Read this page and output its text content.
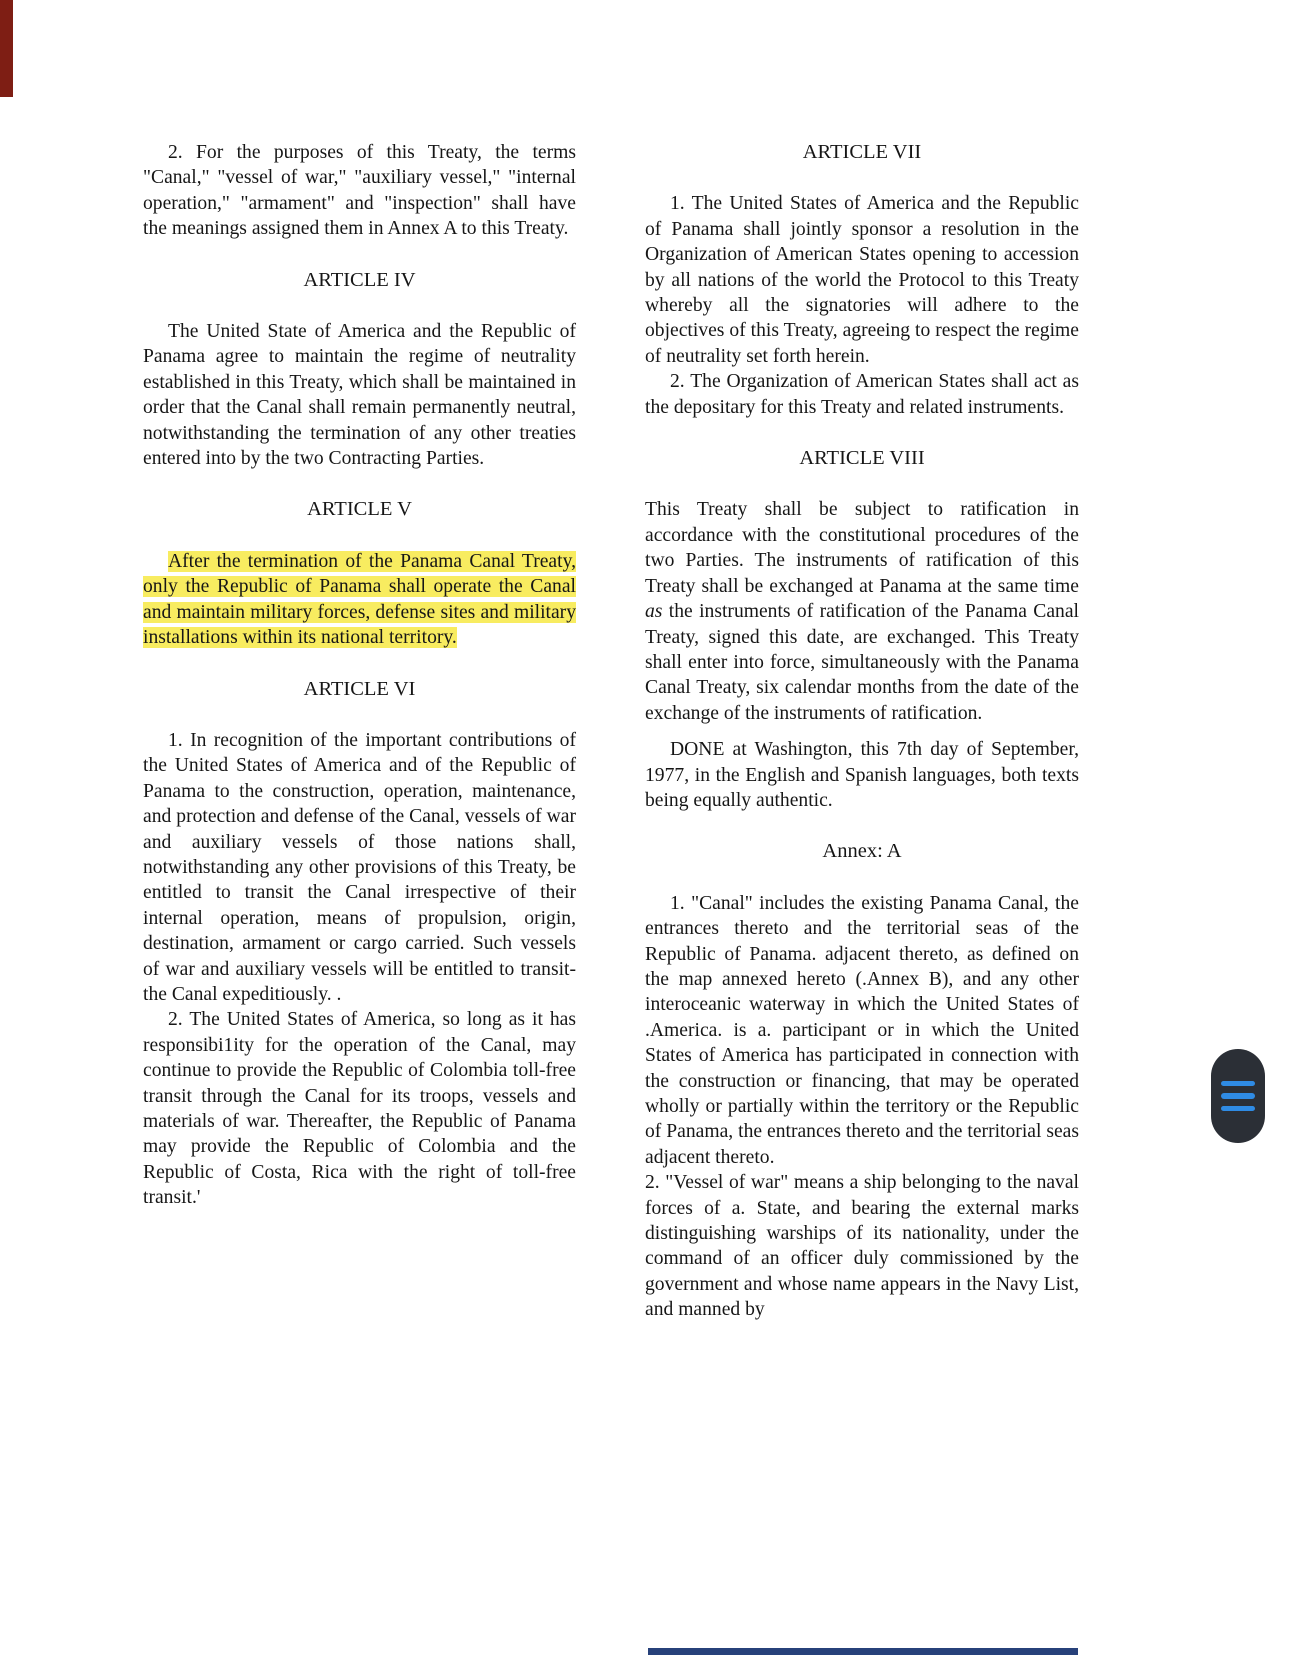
2. For the purposes of this Treaty, the terms "Canal," "vessel of war," "auxiliary vessel," "internal operation," "armament" and "inspection" shall have the meanings assigned them in Annex A to this Treaty.

ARTICLE IV

The United State of America and the Republic of Panama agree to maintain the regime of neutrality established in this Treaty, which shall be maintained in order that the Canal shall remain permanently neutral, notwithstanding the termination of any other treaties entered into by the two Contracting Parties.

ARTICLE V

After the termination of the Panama Canal Treaty, only the Republic of Panama shall operate the Canal and maintain military forces, defense sites and military installations within its national territory.

ARTICLE VI

1. In recognition of the important contributions of the United States of America and of the Republic of Panama to the construction, operation, maintenance, and protection and defense of the Canal, vessels of war and auxiliary vessels of those nations shall, notwithstanding any other provisions of this Treaty, be entitled to transit the Canal irrespective of their internal operation, means of propulsion, origin, destination, armament or cargo carried. Such vessels of war and auxiliary vessels will be entitled to transit- the Canal expeditiously. .

2. The United States of America, so long as it has responsibi1ity for the operation of the Canal, may continue to provide the Republic of Colombia toll-free transit through the Canal for its troops, vessels and materials of war. Thereafter, the Republic of Panama may provide the Republic of Colombia and the Republic of Costa, Rica with the right of toll-free transit.'

ARTICLE VII

1. The United States of America and the Republic of Panama shall jointly sponsor a resolution in the Organization of American States opening to accession by all nations of the world the Protocol to this Treaty whereby all the signatories will adhere to the objectives of this Treaty, agreeing to respect the regime of neutrality set forth herein.

2. The Organization of American States shall act as the depositary for this Treaty and related instruments.

ARTICLE VIII

This Treaty shall be subject to ratification in accordance with the constitutional procedures of the two Parties. The instruments of ratification of this Treaty shall be exchanged at Panama at the same time as the instruments of ratification of the Panama Canal Treaty, signed this date, are exchanged. This Treaty shall enter into force, simultaneously with the Panama Canal Treaty, six calendar months from the date of the exchange of the instruments of ratification.

DONE at Washington, this 7th day of September, 1977, in the English and Spanish languages, both texts being equally authentic.

Annex: A

1. "Canal" includes the existing Panama Canal, the entrances thereto and the territorial seas of the Republic of Panama. adjacent thereto, as defined on the map annexed hereto (.Annex B), and any other interoceanic waterway in which the United States of .America. is a. participant or in which the United States of America has participated in connection with the construction or financing, that may be operated wholly or partially within the territory or the Republic of Panama, the entrances thereto and the territorial seas adjacent thereto.

2. "Vessel of war" means a ship belonging to the naval forces of a. State, and bearing the external marks distinguishing warships of its nationality, under the command of an officer duly commissioned by the government and whose name appears in the Navy List, and manned by
